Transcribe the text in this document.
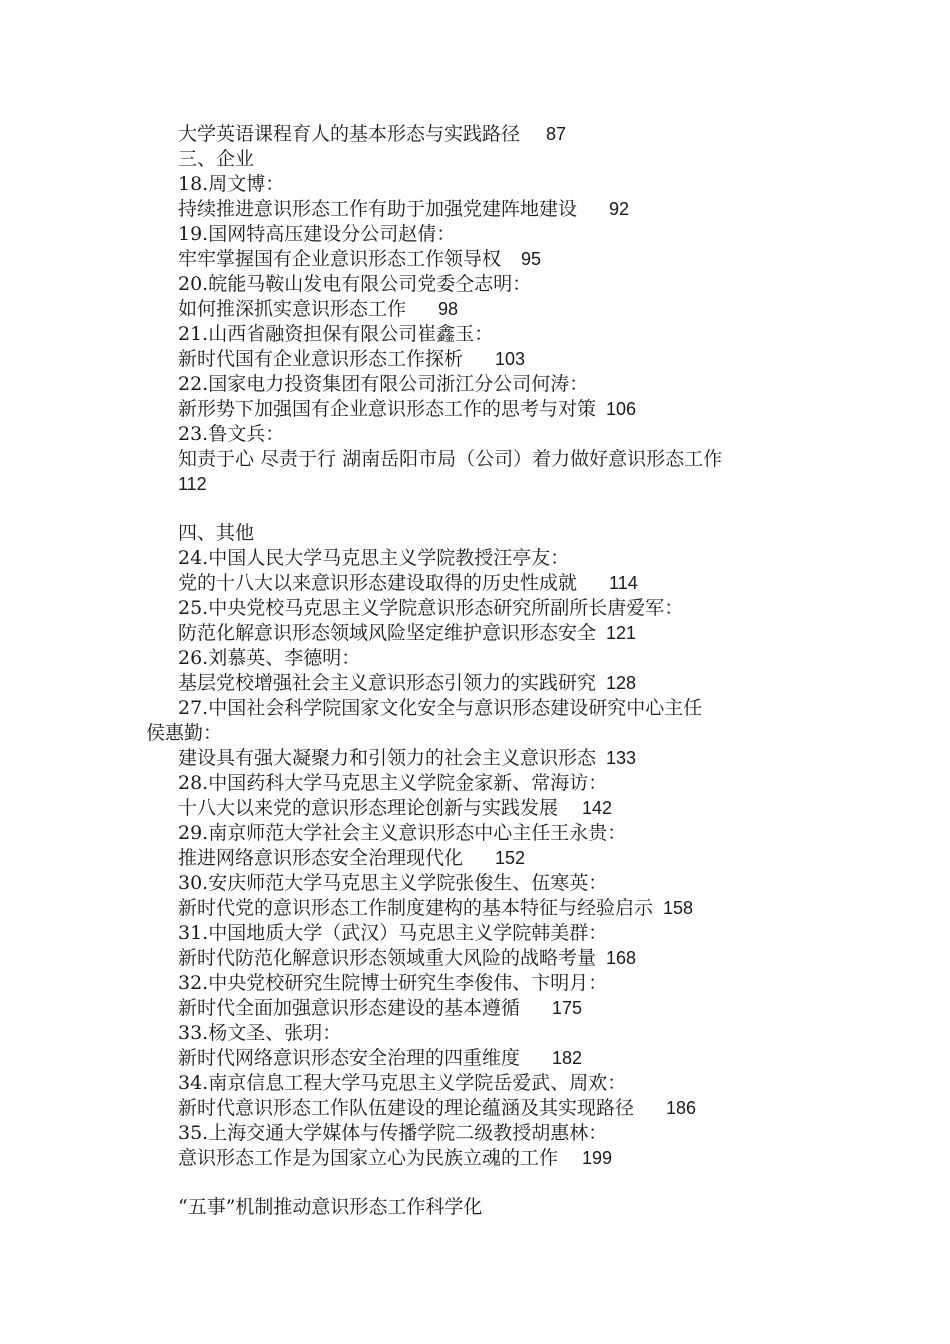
大学英语课程育人的基本形态与实践路径 87
三、企业
18.周文博：
持续推进意识形态工作有助于加强党建阵地建设 92
19.国网特高压建设分公司赵倩：
牢牢掌握国有企业意识形态工作领导权 95
20.皖能马鞍山发电有限公司党委仝志明：
如何推深抓实意识形态工作 98
21.山西省融资担保有限公司崔鑫玉：
新时代国有企业意识形态工作探析 103
22.国家电力投资集团有限公司浙江分公司何涛：
新形势下加强国有企业意识形态工作的思考与对策 106
23.鲁文兵：
知责于心 尽责于行 湖南岳阳市局（公司）着力做好意识形态工作
112
四、其他
24.中国人民大学马克思主义学院教授汪亭友：
党的十八大以来意识形态建设取得的历史性成就 114
25.中央党校马克思主义学院意识形态研究所副所长唐爱军：
防范化解意识形态领域风险坚定维护意识形态安全 121
26.刘慕英、李德明：
基层党校增强社会主义意识形态引领力的实践研究 128
27.中国社会科学院国家文化安全与意识形态建设研究中心主任
侯惠勤：
建设具有强大凝聚力和引领力的社会主义意识形态 133
28.中国药科大学马克思主义学院金家新、常海访：
十八大以来党的意识形态理论创新与实践发展 142
29.南京师范大学社会主义意识形态中心主任王永贵：
推进网络意识形态安全治理现代化 152
30.安庆师范大学马克思主义学院张俊生、伍寒英：
新时代党的意识形态工作制度建构的基本特征与经验启示 158
31.中国地质大学（武汉）马克思主义学院韩美群：
新时代防范化解意识形态领域重大风险的战略考量 168
32.中央党校研究生院博士研究生李俊伟、卞明月：
新时代全面加强意识形态建设的基本遵循 175
33.杨文圣、张玥：
新时代网络意识形态安全治理的四重维度 182
34.南京信息工程大学马克思主义学院岳爱武、周欢：
新时代意识形态工作队伍建设的理论蕴涵及其实现路径 186
35.上海交通大学媒体与传播学院二级教授胡惠林：
意识形态工作是为国家立心为民族立魂的工作 199
“五事”机制推动意识形态工作科学化
